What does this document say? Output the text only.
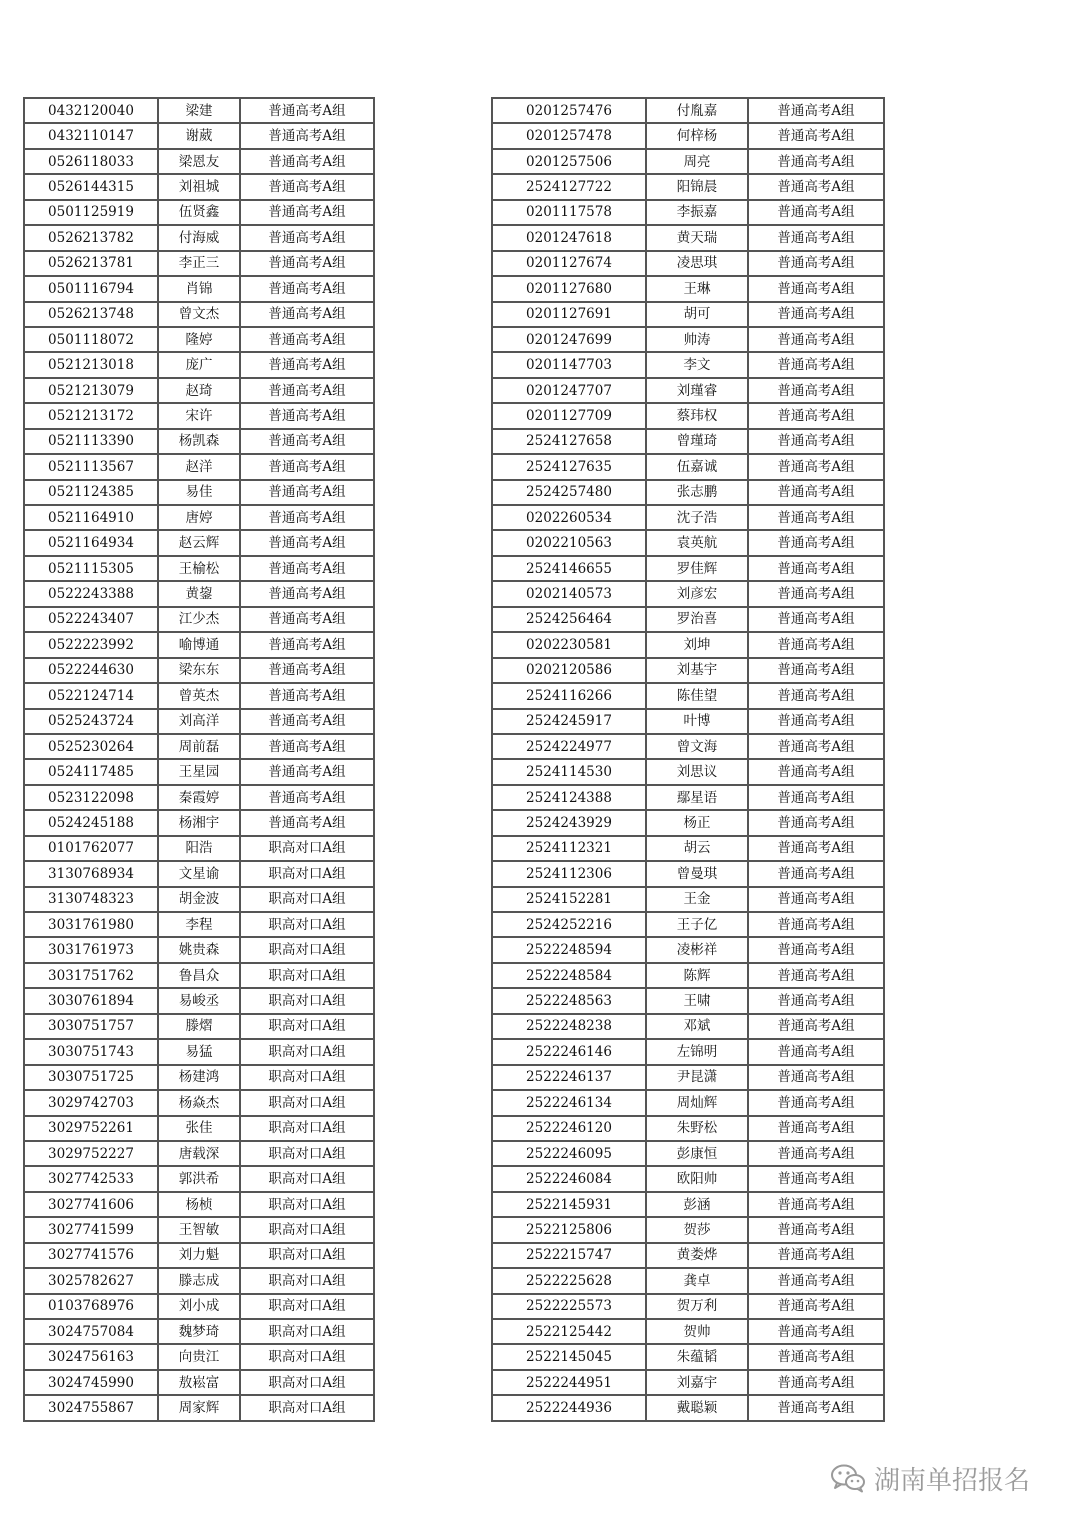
0432120040	梁建	普通高考A组
0432110147	谢葳	普通高考A组
0526118033	梁恩友	普通高考A组
0526144315	刘祖城	普通高考A组
0501125919	伍贤鑫	普通高考A组
0526213782	付海威	普通高考A组
0526213781	李正三	普通高考A组
0501116794	肖锦	普通高考A组
0526213748	曾文杰	普通高考A组
0501118072	隆婷	普通高考A组
0521213018	庞广	普通高考A组
0521213079	赵琦	普通高考A组
0521213172	宋许	普通高考A组
0521113390	杨凯森	普通高考A组
0521113567	赵洋	普通高考A组
0521124385	易佳	普通高考A组
0521164910	唐婷	普通高考A组
0521164934	赵云辉	普通高考A组
0521115305	王榆松	普通高考A组
0522243388	黄鋆	普通高考A组
0522243407	江少杰	普通高考A组
0522223992	喻博通	普通高考A组
0522244630	梁东东	普通高考A组
0522124714	曾英杰	普通高考A组
0525243724	刘高洋	普通高考A组
0525230264	周前磊	普通高考A组
0524117485	王星园	普通高考A组
0523122098	秦霞婷	普通高考A组
0524245188	杨湘宇	普通高考A组
0101762077	阳浩	职高对口A组
3130768934	文星谕	职高对口A组
3130748323	胡金波	职高对口A组
3031761980	李程	职高对口A组
3031761973	姚贵森	职高对口A组
3031751762	鲁昌众	职高对口A组
3030761894	易峻丞	职高对口A组
3030751757	滕熠	职高对口A组
3030751743	易猛	职高对口A组
3030751725	杨建鸿	职高对口A组
3029742703	杨焱杰	职高对口A组
3029752261	张佳	职高对口A组
3029752227	唐载深	职高对口A组
3027742533	郭洪希	职高对口A组
3027741606	杨桢	职高对口A组
3027741599	王智敏	职高对口A组
3027741576	刘力魁	职高对口A组
3025782627	滕志成	职高对口A组
0103768976	刘小成	职高对口A组
3024757084	魏梦琦	职高对口A组
3024756163	向贵江	职高对口A组
3024745990	敖崧富	职高对口A组
3024755867	周家辉	职高对口A组
0201257476	付胤嘉	普通高考A组
0201257478	何梓杨	普通高考A组
0201257506	周亮	普通高考A组
2524127722	阳锦晨	普通高考A组
0201117578	李振嘉	普通高考A组
0201247618	黄天瑞	普通高考A组
0201127674	凌思琪	普通高考A组
0201127680	王琳	普通高考A组
0201127691	胡可	普通高考A组
0201247699	帅涛	普通高考A组
0201147703	李文	普通高考A组
0201247707	刘瑾睿	普通高考A组
0201127709	蔡玮权	普通高考A组
2524127658	曾瑾琦	普通高考A组
2524127635	伍嘉诚	普通高考A组
2524257480	张志鹏	普通高考A组
0202260534	沈子浩	普通高考A组
0202210563	袁英航	普通高考A组
2524146655	罗佳辉	普通高考A组
0202140573	刘彦宏	普通高考A组
2524256464	罗治喜	普通高考A组
0202230581	刘坤	普通高考A组
0202120586	刘基宇	普通高考A组
2524116266	陈佳望	普通高考A组
2524245917	叶博	普通高考A组
2524224977	曾文海	普通高考A组
2524114530	刘思议	普通高考A组
2524124388	鄢星语	普通高考A组
2524243929	杨正	普通高考A组
2524112321	胡云	普通高考A组
2524112306	曾曼琪	普通高考A组
2524152281	王金	普通高考A组
2524252216	王子亿	普通高考A组
2522248594	凌彬祥	普通高考A组
2522248584	陈辉	普通高考A组
2522248563	王啸	普通高考A组
2522248238	邓斌	普通高考A组
2522246146	左锦明	普通高考A组
2522246137	尹昆潇	普通高考A组
2522246134	周灿辉	普通高考A组
2522246120	朱野松	普通高考A组
2522246095	彭康恒	普通高考A组
2522246084	欧阳帅	普通高考A组
2522145931	彭涵	普通高考A组
2522125806	贺莎	普通高考A组
2522215747	黄娄烨	普通高考A组
2522225628	龚卓	普通高考A组
2522225573	贺万利	普通高考A组
2522125442	贺帅	普通高考A组
2522145045	朱蕴韬	普通高考A组
2522244951	刘嘉宇	普通高考A组
2522244936	戴聪颖	普通高考A组
湖南单招报名
